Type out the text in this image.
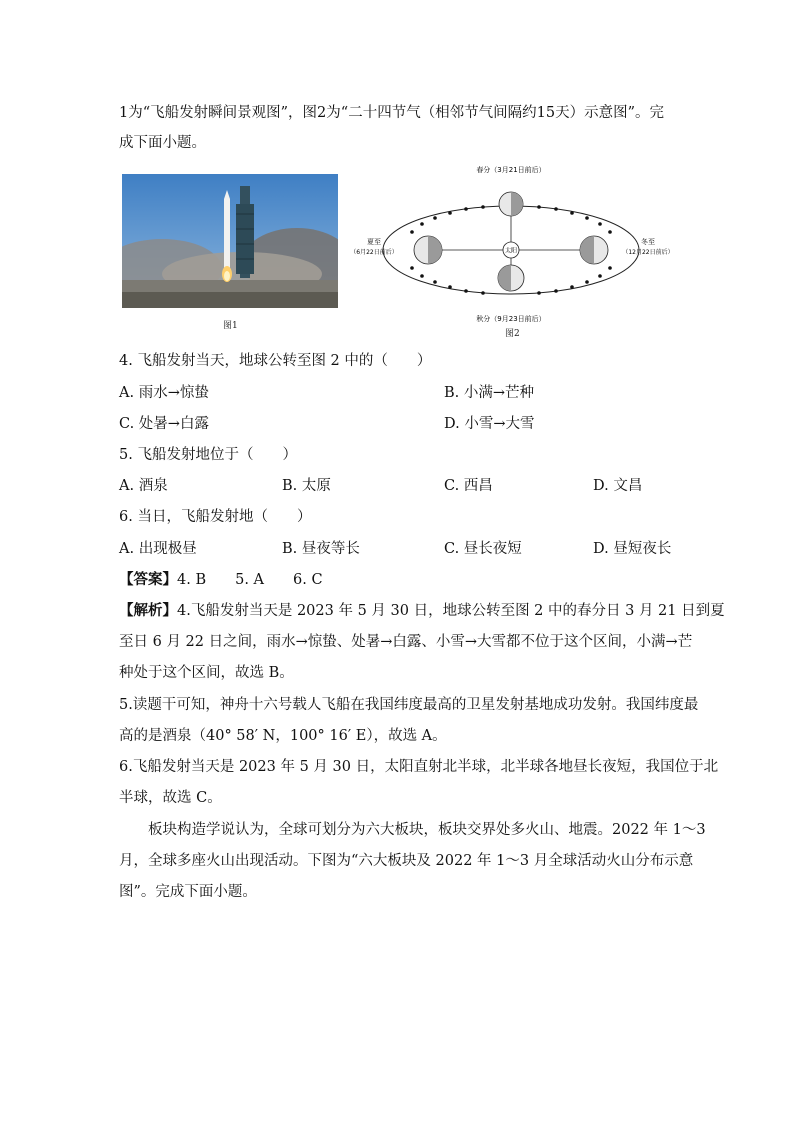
1为“飞船发射瞬间景观图”，图2为“二十四节气（相邻节气间隔约15天）示意图”。完
成下面小题。
图1
太阳
春分（3月21日前后）
夏至
（6月22日前后）
冬至
（12月22日前后）
秋分（9月23日前后）
图2
4. 飞船发射当天，地球公转至图 2 中的（　　）
A. 雨水→惊蛰	B. 小满→芒种
C. 处暑→白露	D. 小雪→大雪
5. 飞船发射地位于（　　）
A. 酒泉	B. 太原	C. 西昌	D. 文昌
6. 当日，飞船发射地（　　）
A. 出现极昼	B. 昼夜等长	C. 昼长夜短	D. 昼短夜长
【答案】4. B　　5. A　　6. C
【解析】4.飞船发射当天是 2023 年 5 月 30 日，地球公转至图 2 中的春分日 3 月 21 日到夏
至日 6 月 22 日之间，雨水→惊蛰、处暑→白露、小雪→大雪都不位于这个区间，小满→芒
种处于这个区间，故选 B。
5.读题干可知，神舟十六号载人飞船在我国纬度最高的卫星发射基地成功发射。我国纬度最
高的是酒泉（40° 58′ N，100° 16′ E），故选 A。
6.飞船发射当天是 2023 年 5 月 30 日，太阳直射北半球，北半球各地昼长夜短，我国位于北
半球，故选 C。
　　板块构造学说认为，全球可划分为六大板块，板块交界处多火山、地震。2022 年 1～3
月，全球多座火山出现活动。下图为“六大板块及 2022 年 1～3 月全球活动火山分布示意
图”。完成下面小题。
